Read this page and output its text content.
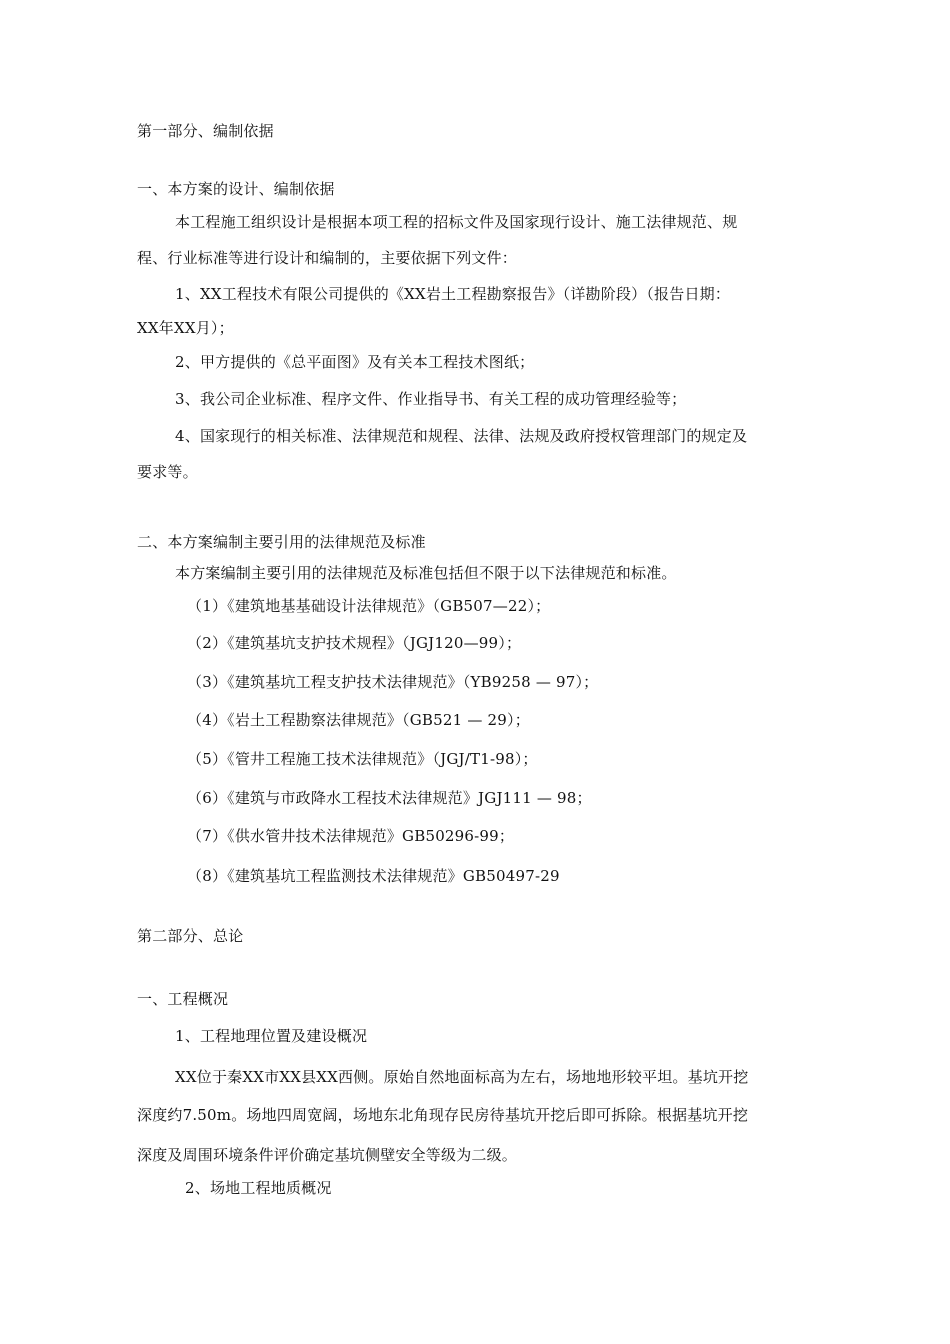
第一部分、编制依据
一、本方案的设计、编制依据
本工程施工组织设计是根据本项工程的招标文件及国家现行设计、施工法律规范、规
程、行业标准等进行设计和编制的，主要依据下列文件：
1、XX工程技术有限公司提供的《XX岩土工程勘察报告》（详勘阶段）（报告日期：
XX年XX月）；
2、甲方提供的《总平面图》及有关本工程技术图纸；
3、我公司企业标准、程序文件、作业指导书、有关工程的成功管理经验等；
4、国家现行的相关标准、法律规范和规程、法律、法规及政府授权管理部门的规定及
要求等。
二、本方案编制主要引用的法律规范及标准
本方案编制主要引用的法律规范及标准包括但不限于以下法律规范和标准。
（1）《建筑地基基础设计法律规范》（GB507—22）；
（2）《建筑基坑支护技术规程》（JGJ120—99）；
（3）《建筑基坑工程支护技术法律规范》（YB9258 — 97）；
（4）《岩土工程勘察法律规范》（GB521 — 29）；
（5）《管井工程施工技术法律规范》（JGJ/T1-98）；
（6）《建筑与市政降水工程技术法律规范》JGJ111 — 98；
（7）《供水管井技术法律规范》GB50296-99；
（8）《建筑基坑工程监测技术法律规范》GB50497-29
第二部分、总论
一、工程概况
1、工程地理位置及建设概况
XX位于秦XX市XX县XX西侧。原始自然地面标高为左右，场地地形较平坦。基坑开挖
深度约7.50m。场地四周宽阔，场地东北角现存民房待基坑开挖后即可拆除。根据基坑开挖
深度及周围环境条件评价确定基坑侧壁安全等级为二级。
2、场地工程地质概况
